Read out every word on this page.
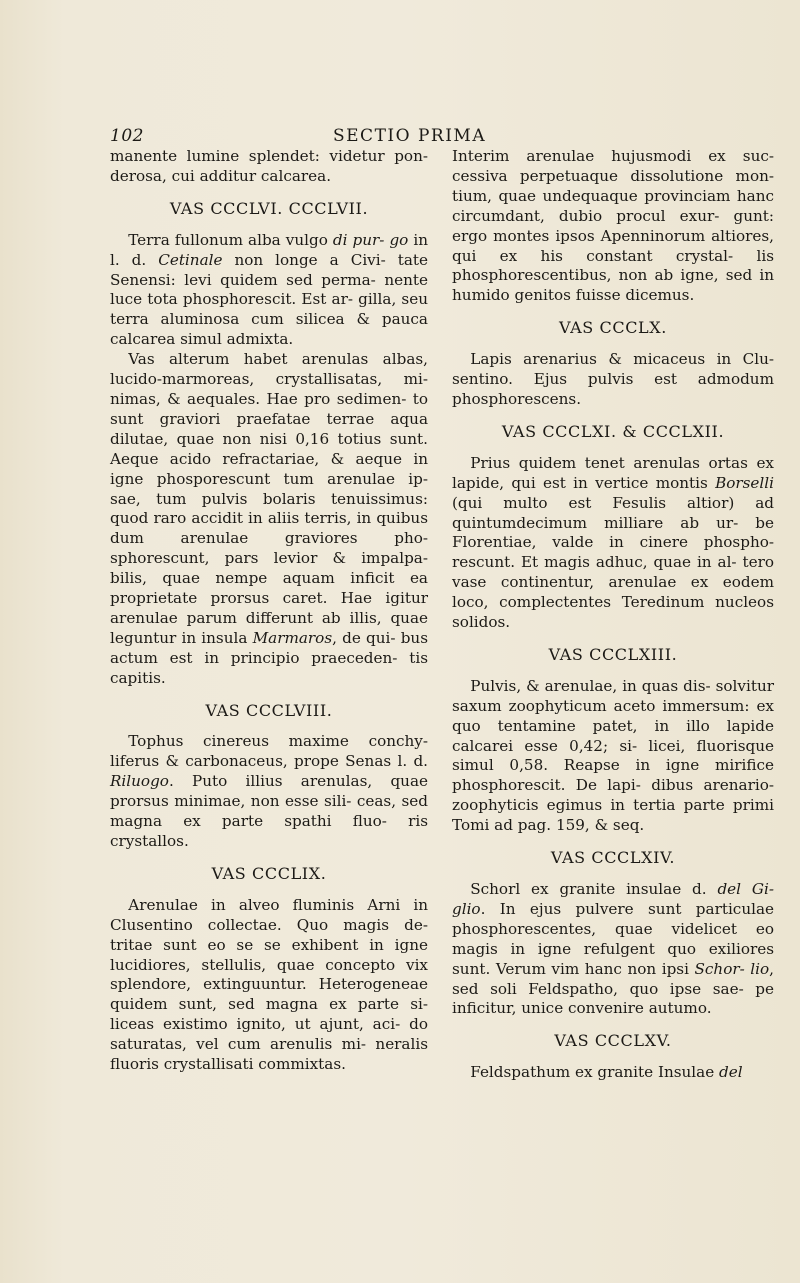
102	SECTIO PRIMA

manente lumine splendet: videtur pon- derosa, cui additur calcarea.

VAS CCCLVI. CCCLVII.

Terra fullonum alba vulgo di pur- go in l. d. Cetinale non longe a Civi- tate Senensi: levi quidem sed perma- nente luce tota phosphorescit. Est ar- gilla, seu terra aluminosa cum silicea & pauca calcarea simul admixta.

Vas alterum habet arenulas albas, lucido-marmoreas, crystallisatas, mi- nimas, & aequales. Hae pro sedimen- to sunt graviori praefatae terrae aqua dilutae, quae non nisi 0,16 totius sunt. Aeque acido refractariae, & aeque in igne phosporescunt tum arenulae ip- sae, tum pulvis bolaris tenuissimus: quod raro accidit in aliis terris, in quibus dum arenulae graviores pho- sphorescunt, pars levior & impalpa- bilis, quae nempe aquam inficit ea proprietate prorsus caret. Hae igitur arenulae parum differunt ab illis, quae leguntur in insula Marmaros, de qui- bus actum est in principio praeceden- tis capitis.

VAS CCCLVIII.

Tophus cinereus maxime conchy- liferus & carbonaceus, prope Senas l. d. Riluogo. Puto illius arenulas, quae prorsus minimae, non esse sili- ceas, sed magna ex parte spathi fluo- ris crystallos.

VAS CCCLIX.

Arenulae in alveo fluminis Arni in Clusentino collectae. Quo magis de- tritae sunt eo se se exhibent in igne lucidiores, stellulis, quae concepto vix splendore, extinguuntur. Heterogeneae quidem sunt, sed magna ex parte si- liceas existimo ignito, ut ajunt, aci- do saturatas, vel cum arenulis mi- neralis fluoris crystallisati commixtas.

Interim arenulae hujusmodi ex suc- cessiva perpetuaque dissolutione mon- tium, quae undequaque provinciam hanc circumdant, dubio procul exur- gunt: ergo montes ipsos Apenninorum altiores, qui ex his constant crystal- lis phosphorescentibus, non ab igne, sed in humido genitos fuisse dicemus.

VAS CCCLX.

Lapis arenarius & micaceus in Clu- sentino. Ejus pulvis est admodum phosphorescens.

VAS CCCLXI. & CCCLXII.

Prius quidem tenet arenulas ortas ex lapide, qui est in vertice montis Borselli (qui multo est Fesulis altior) ad quintumdecimum milliare ab ur- be Florentiae, valde in cinere phospho- rescunt. Et magis adhuc, quae in al- tero vase continentur, arenulae ex eodem loco, complectentes Teredinum nucleos solidos.

VAS CCCLXIII.

Pulvis, & arenulae, in quas dis- solvitur saxum zoophyticum aceto immersum: ex quo tentamine patet, in illo lapide calcarei esse 0,42; si- licei, fluorisque simul 0,58. Reapse in igne mirifice phosphorescit. De lapi- dibus arenario-zoophyticis egimus in tertia parte primi Tomi ad pag. 159, & seq.

VAS CCCLXIV.

Schorl ex granite insulae d. del Gi- glio. In ejus pulvere sunt particulae phosphorescentes, quae videlicet eo magis in igne refulgent quo exiliores sunt. Verum vim hanc non ipsi Schor- lio, sed soli Feldspatho, quo ipse sae- pe inficitur, unice convenire autumo.

VAS CCCLXV.

Feldspathum ex granite Insulae del
